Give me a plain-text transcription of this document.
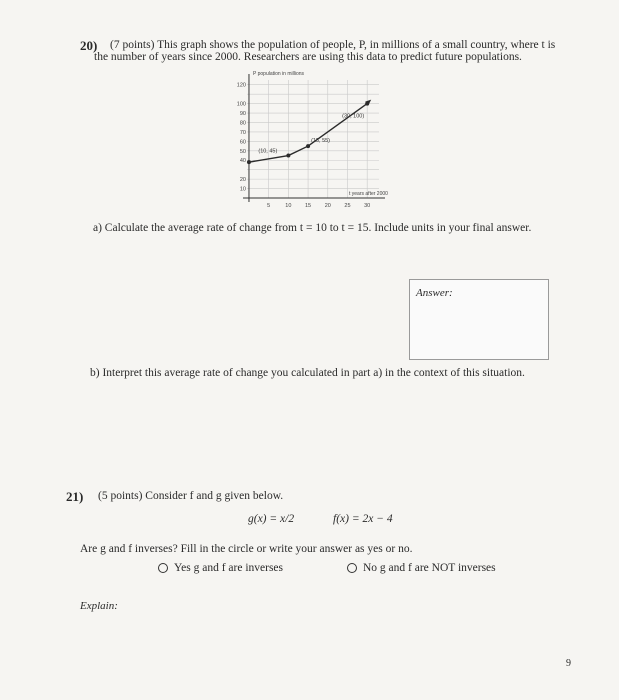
20) (7 points) This graph shows the population of people, P, in millions of a small country, where t is
the number of years since 2000. Researchers are using this data to predict future populations.
P population in millions
t years after 2000
5	10 15 20 25 30
10
20
40
50
60
70
80
90
100
120
(10, 45)
(15, 55)
(30, 100)
a) Calculate the average rate of change from t = 10 to t = 15. Include units in your final answer.
Answer:
b) Interpret this average rate of change you calculated in part a) in the context of this situation.
21) (5 points) Consider f and g given below.
g(x) = x/2	f(x) = 2x − 4
Are g and f inverses? Fill in the circle or write your answer as yes or no.
Yes g and f are inverses	No g and f are NOT inverses
Explain:
9
